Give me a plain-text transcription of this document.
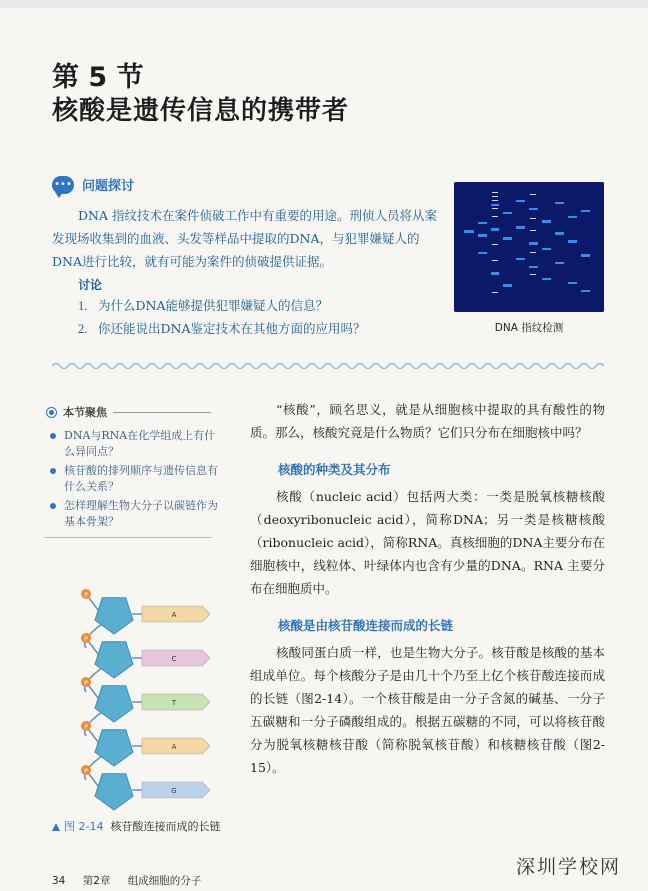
第 5 节
核酸是遗传信息的携带者
••• 问题探讨

DNA 指纹技术在案件侦破工作中有重要的用途。刑侦人员将从案发现场收集到的血液、头发等样品中提取的DNA，与犯罪嫌疑人的DNA进行比较，就有可能为案件的侦破提供证据。

讨论
1. 为什么DNA能够提供犯罪嫌疑人的信息？
2. 你还能说出DNA鉴定技术在其他方面的应用吗？	DNA 指纹检测
本节聚焦
DNA与RNA在化学组成上有什么异同点？
核苷酸的排列顺序与遗传信息有什么关系？
怎样理解生物大分子以碳链作为基本骨架？
P
A
P
C
P
T
P
A
P
G
图 2-14 核苷酸连接而成的长链

“核酸”，顾名思义，就是从细胞核中提取的具有酸性的物质。那么，核酸究竟是什么物质？它们只分布在细胞核中吗？

核酸的种类及其分布

核酸（nucleic acid）包括两大类：一类是脱氧核糖核酸（deoxyribonucleic acid），简称DNA；另一类是核糖核酸（ribonucleic acid），简称RNA。真核细胞的DNA主要分布在细胞核中，线粒体、叶绿体内也含有少量的DNA。RNA 主要分布在细胞质中。

核酸是由核苷酸连接而成的长链

核酸同蛋白质一样，也是生物大分子。核苷酸是核酸的基本组成单位。每个核酸分子是由几十个乃至上亿个核苷酸连接而成的长链（图2-14）。一个核苷酸是由一分子含氮的碱基、一分子五碳糖和一分子磷酸组成的。根据五碳糖的不同，可以将核苷酸分为脱氧核糖核苷酸（简称脱氧核苷酸）和核糖核苷酸（图2-15）。

34 第2章 组成细胞的分子
深圳学校网
